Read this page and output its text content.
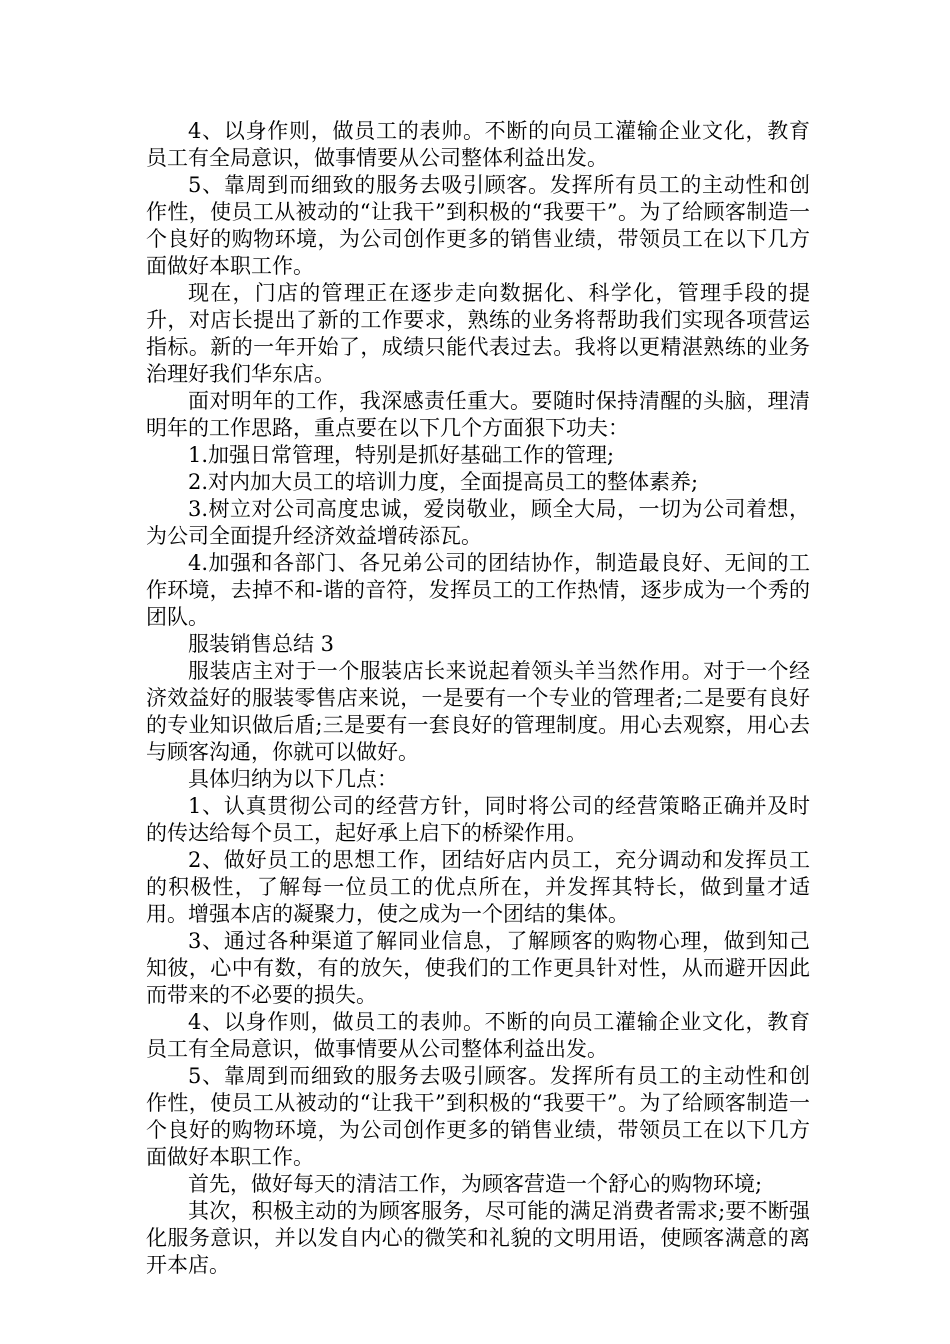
4、以身作则，做员工的表帅。不断的向员工灌输企业文化，教育员工有全局意识，做事情要从公司整体利益出发。

5、靠周到而细致的服务去吸引顾客。发挥所有员工的主动性和创作性，使员工从被动的“让我干”到积极的“我要干”。为了给顾客制造一个良好的购物环境，为公司创作更多的销售业绩，带领员工在以下几方面做好本职工作。

现在，门店的管理正在逐步走向数据化、科学化，管理手段的提升，对店长提出了新的工作要求，熟练的业务将帮助我们实现各项营运指标。新的一年开始了，成绩只能代表过去。我将以更精湛熟练的业务治理好我们华东店。

面对明年的工作，我深感责任重大。要随时保持清醒的头脑，理清明年的工作思路，重点要在以下几个方面狠下功夫：

1.加强日常管理，特别是抓好基础工作的管理;

2.对内加大员工的培训力度，全面提高员工的整体素养;

3.树立对公司高度忠诚，爱岗敬业，顾全大局，一切为公司着想，为公司全面提升经济效益增砖添瓦。

4.加强和各部门、各兄弟公司的团结协作，制造最良好、无间的工作环境，去掉不和-谐的音符，发挥员工的工作热情，逐步成为一个秀的团队。

服装销售总结 3

服装店主对于一个服装店长来说起着领头羊当然作用。对于一个经济效益好的服装零售店来说，一是要有一个专业的管理者;二是要有良好的专业知识做后盾;三是要有一套良好的管理制度。用心去观察，用心去与顾客沟通，你就可以做好。

具体归纳为以下几点：

1、认真贯彻公司的经营方针，同时将公司的经营策略正确并及时的传达给每个员工，起好承上启下的桥梁作用。

2、做好员工的思想工作，团结好店内员工，充分调动和发挥员工的积极性，了解每一位员工的优点所在，并发挥其特长，做到量才适用。增强本店的凝聚力，使之成为一个团结的集体。

3、通过各种渠道了解同业信息，了解顾客的购物心理，做到知己知彼，心中有数，有的放矢，使我们的工作更具针对性，从而避开因此而带来的不必要的损失。

4、以身作则，做员工的表帅。不断的向员工灌输企业文化，教育员工有全局意识，做事情要从公司整体利益出发。

5、靠周到而细致的服务去吸引顾客。发挥所有员工的主动性和创作性，使员工从被动的“让我干”到积极的“我要干”。为了给顾客制造一个良好的购物环境，为公司创作更多的销售业绩，带领员工在以下几方面做好本职工作。

首先，做好每天的清洁工作，为顾客营造一个舒心的购物环境;

其次，积极主动的为顾客服务，尽可能的满足消费者需求;要不断强化服务意识，并以发自内心的微笑和礼貌的文明用语，使顾客满意的离开本店。
